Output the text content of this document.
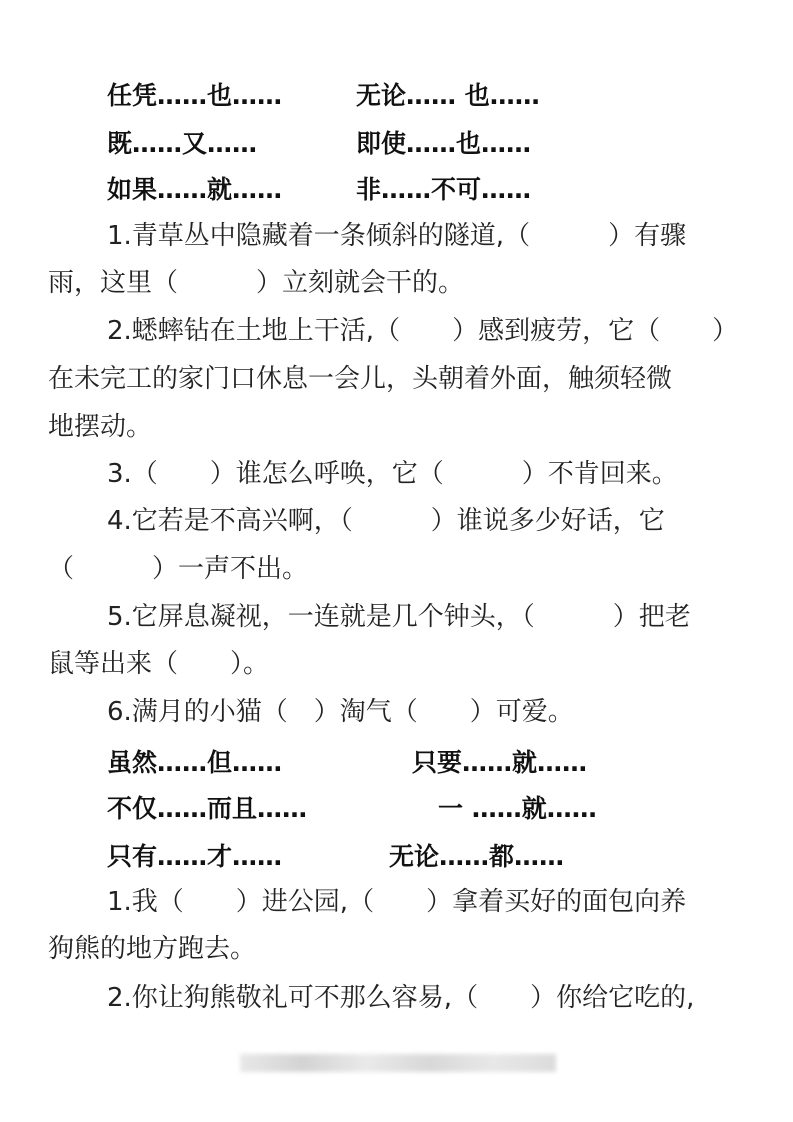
任凭……也……	无论…… 也……
既……又……	即使……也……
如果……就……	非……不可……
1.青草丛中隐藏着一条倾斜的隧道,（　　　）有骤
雨，这里（　　　）立刻就会干的。
2.蟋蟀钻在土地上干活,（　　）感到疲劳，它（　　）
在未完工的家门口休息一会儿，头朝着外面，触须轻微
地摆动。
3.（　　）谁怎么呼唤，它（　　　）不肯回来。
4.它若是不高兴啊，（　　　）谁说多少好话，它
（　　　）一声不出。
5.它屏息凝视，一连就是几个钟头，（　　　）把老
鼠等出来（　　）。
6.满月的小猫（　）淘气（　　）可爱。
虽然……但……	只要……就……
不仅……而且……	一 ……就……
只有……才……	无论……都……
1.我（　　）进公园,（　　）拿着买好的面包向养
狗熊的地方跑去。
2.你让狗熊敬礼可不那么容易,（　　）你给它吃的,
